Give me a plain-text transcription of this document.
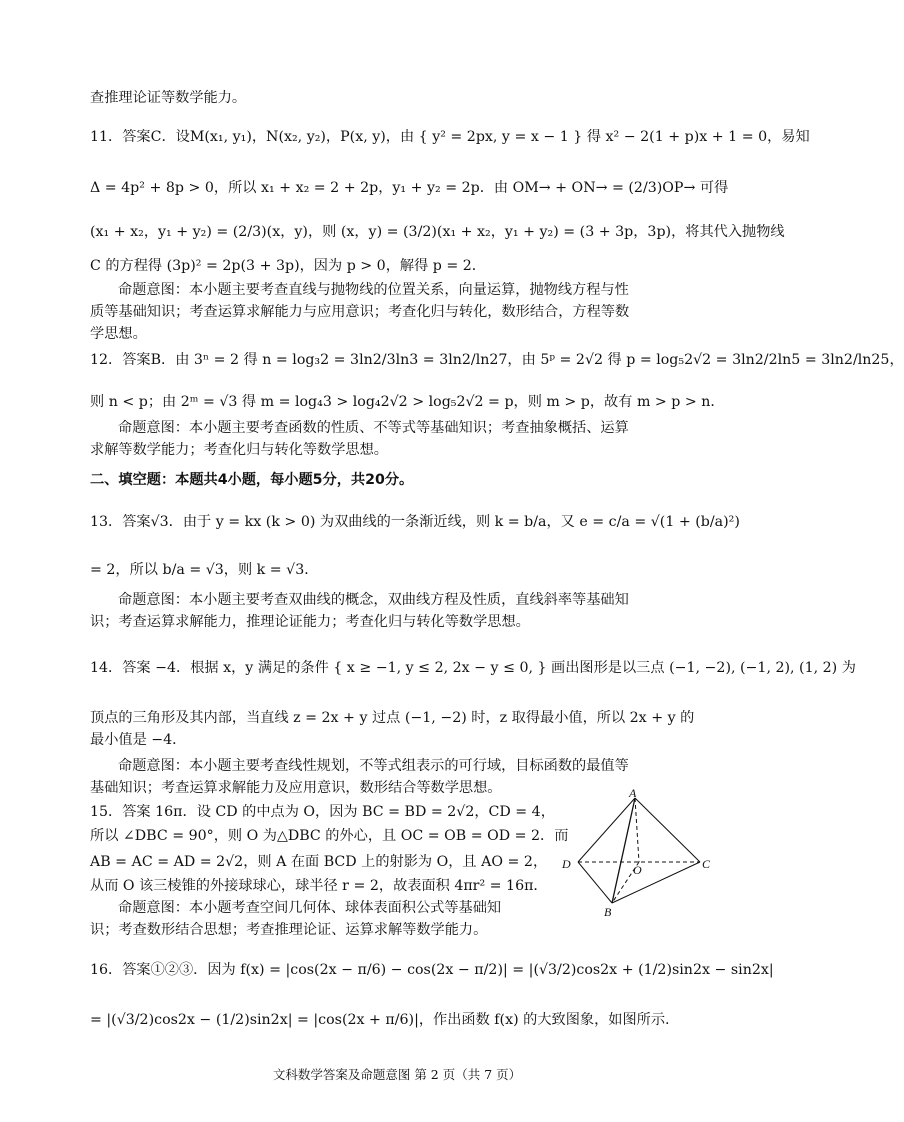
查推理论证等数学能力。
11．答案C．设M(x₁, y₁)，N(x₂, y₂)，P(x, y)，由 { y² = 2px, y = x − 1 } 得 x² − 2(1 + p)x + 1 = 0，易知
Δ = 4p² + 8p > 0，所以 x₁ + x₂ = 2 + 2p，y₁ + y₂ = 2p．由 OM→ + ON→ = (2/3)OP→ 可得
(x₁ + x₂，y₁ + y₂) = (2/3)(x，y)，则 (x，y) = (3/2)(x₁ + x₂，y₁ + y₂) = (3 + 3p，3p)，将其代入抛物线
C 的方程得 (3p)² = 2p(3 + 3p)，因为 p > 0，解得 p = 2．
命题意图：本小题主要考查直线与抛物线的位置关系，向量运算，抛物线方程与性
质等基础知识；考查运算求解能力与应用意识；考查化归与转化，数形结合，方程等数
学思想。
12．答案B．由 3ⁿ = 2 得 n = log₃2 = 3ln2/3ln3 = 3ln2/ln27，由 5ᵖ = 2√2 得 p = log₅2√2 = 3ln2/2ln5 = 3ln2/ln25，
则 n < p；由 2ᵐ = √3 得 m = log₄3 > log₄2√2 > log₅2√2 = p，则 m > p，故有 m > p > n．
命题意图：本小题主要考查函数的性质、不等式等基础知识；考查抽象概括、运算
求解等数学能力；考查化归与转化等数学思想。
二、填空题：本题共4小题，每小题5分，共20分。
13．答案√3．由于 y = kx (k > 0) 为双曲线的一条渐近线，则 k = b/a，又 e = c/a = √(1 + (b/a)²)
= 2，所以 b/a = √3，则 k = √3．
命题意图：本小题主要考查双曲线的概念，双曲线方程及性质，直线斜率等基础知
识；考查运算求解能力，推理论证能力；考查化归与转化等数学思想。
14．答案 −4．根据 x，y 满足的条件 { x ≥ −1, y ≤ 2, 2x − y ≤ 0, } 画出图形是以三点 (−1, −2), (−1, 2), (1, 2) 为
顶点的三角形及其内部，当直线 z = 2x + y 过点 (−1, −2) 时，z 取得最小值，所以 2x + y 的
最小值是 −4．
命题意图：本小题主要考查线性规划，不等式组表示的可行域，目标函数的最值等
基础知识；考查运算求解能力及应用意识，数形结合等数学思想。
15．答案 16π．设 CD 的中点为 O，因为 BC = BD = 2√2，CD = 4，
所以 ∠DBC = 90°，则 O 为△DBC 的外心，且 OC = OB = OD = 2．而
AB = AC = AD = 2√2，则 A 在面 BCD 上的射影为 O，且 AO = 2，
从而 O 该三棱锥的外接球球心，球半径 r = 2，故表面积 4πr² = 16π．
命题意图：本小题考查空间几何体、球体表面积公式等基础知
识；考查数形结合思想；考查推理论证、运算求解等数学能力。
16．答案①②③．因为 f(x) = |cos(2x − π/6) − cos(2x − π/2)| = |(√3/2)cos2x + (1/2)sin2x − sin2x|
= |(√3/2)cos2x − (1/2)sin2x| = |cos(2x + π/6)|，作出函数 f(x) 的大致图象，如图所示.
A
D	C
O
B
文科数学答案及命题意图 第 2 页（共 7 页）
